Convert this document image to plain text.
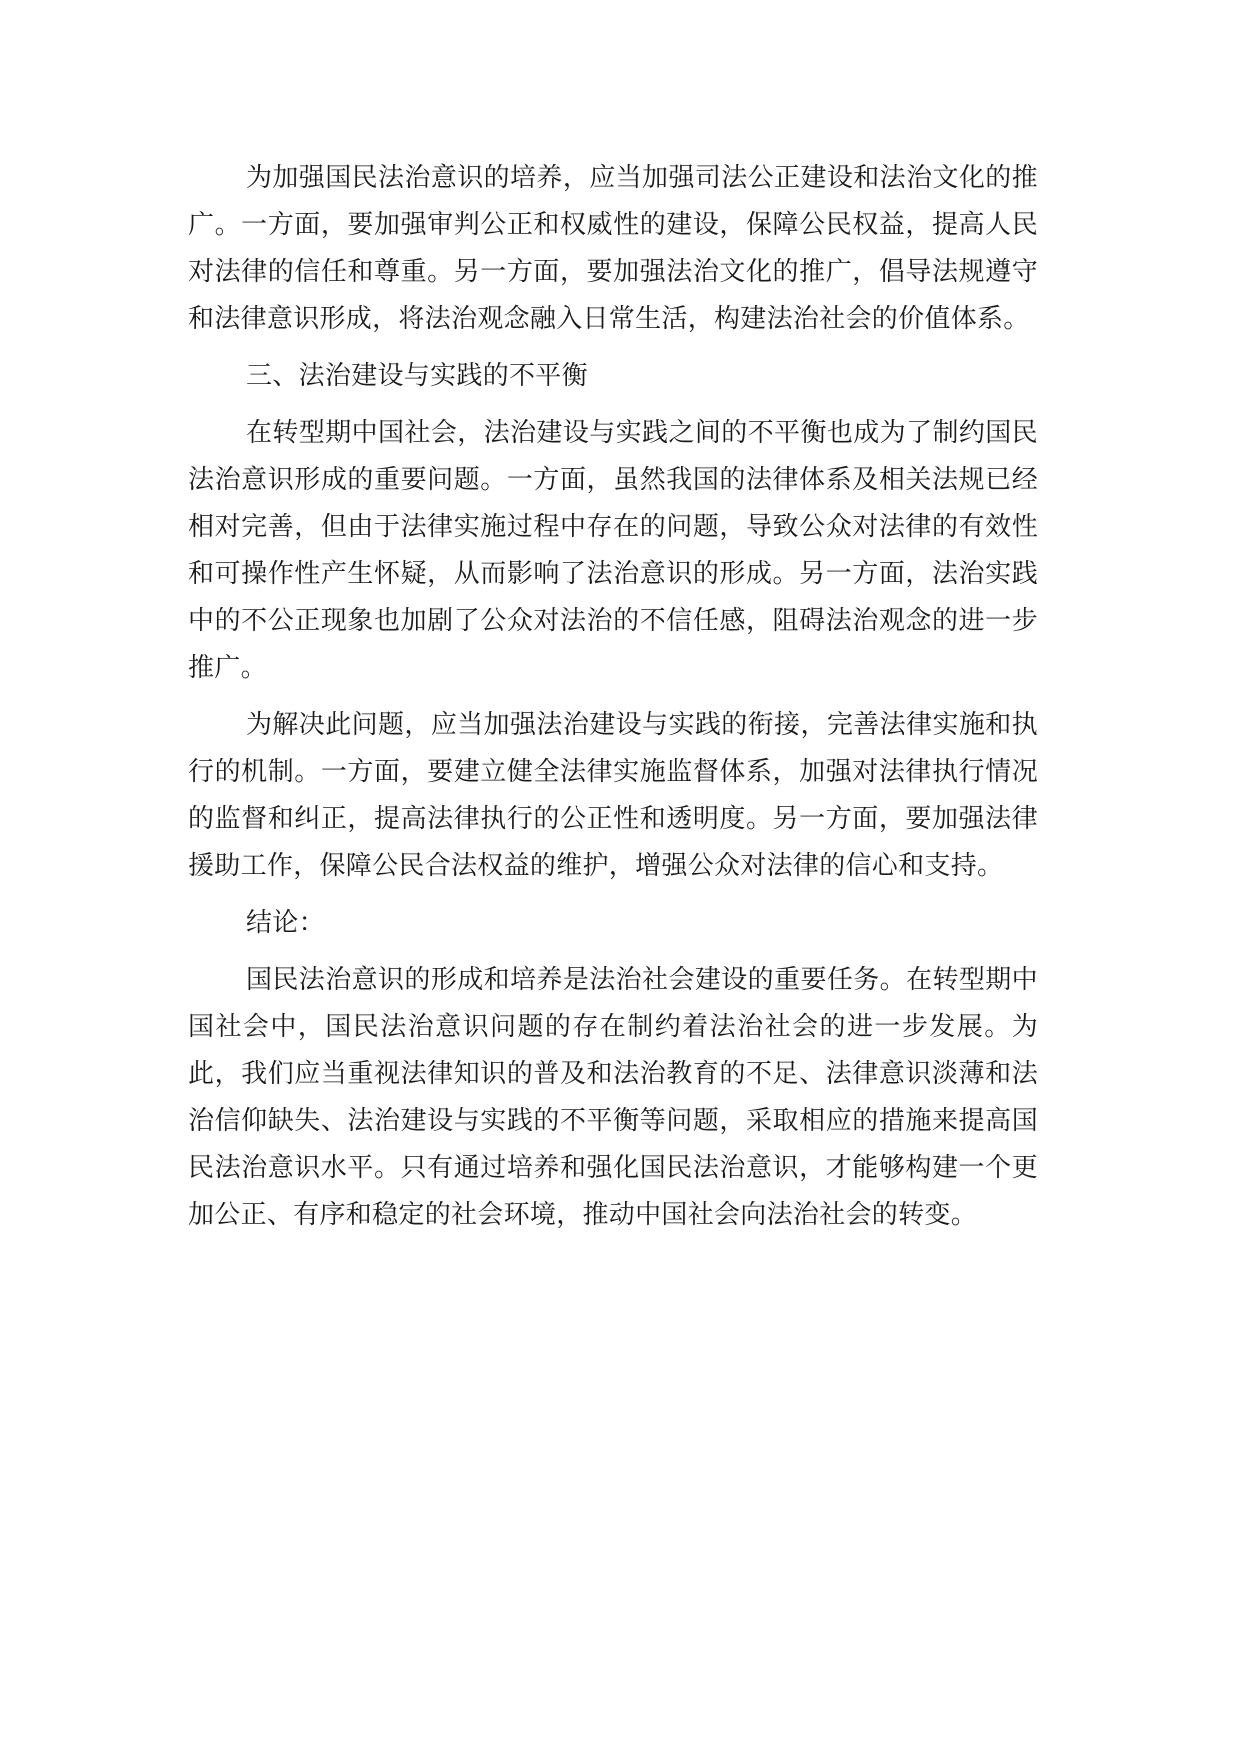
为加强国民法治意识的培养，应当加强司法公正建设和法治文化的推广。一方面，要加强审判公正和权威性的建设，保障公民权益，提高人民对法律的信任和尊重。另一方面，要加强法治文化的推广，倡导法规遵守和法律意识形成，将法治观念融入日常生活，构建法治社会的价值体系。

三、法治建设与实践的不平衡

在转型期中国社会，法治建设与实践之间的不平衡也成为了制约国民法治意识形成的重要问题。一方面，虽然我国的法律体系及相关法规已经相对完善，但由于法律实施过程中存在的问题，导致公众对法律的有效性和可操作性产生怀疑，从而影响了法治意识的形成。另一方面，法治实践中的不公正现象也加剧了公众对法治的不信任感，阻碍法治观念的进一步推广。

为解决此问题，应当加强法治建设与实践的衔接，完善法律实施和执行的机制。一方面，要建立健全法律实施监督体系，加强对法律执行情况的监督和纠正，提高法律执行的公正性和透明度。另一方面，要加强法律援助工作，保障公民合法权益的维护，增强公众对法律的信心和支持。

结论：

国民法治意识的形成和培养是法治社会建设的重要任务。在转型期中国社会中，国民法治意识问题的存在制约着法治社会的进一步发展。为此，我们应当重视法律知识的普及和法治教育的不足、法律意识淡薄和法治信仰缺失、法治建设与实践的不平衡等问题，采取相应的措施来提高国民法治意识水平。只有通过培养和强化国民法治意识，才能够构建一个更加公正、有序和稳定的社会环境，推动中国社会向法治社会的转变。
